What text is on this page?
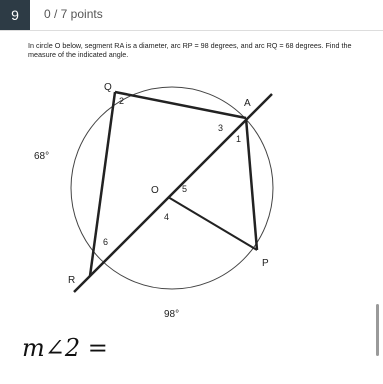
9	0 / 7 points
In circle O below, segment RA is a diameter, arc RP = 98 degrees, and arc RQ = 68 degrees. Find the measure of the indicated angle.
Q
A
O
R
P
1
2
3
4
5
6
68°
98°
m∠2 =
